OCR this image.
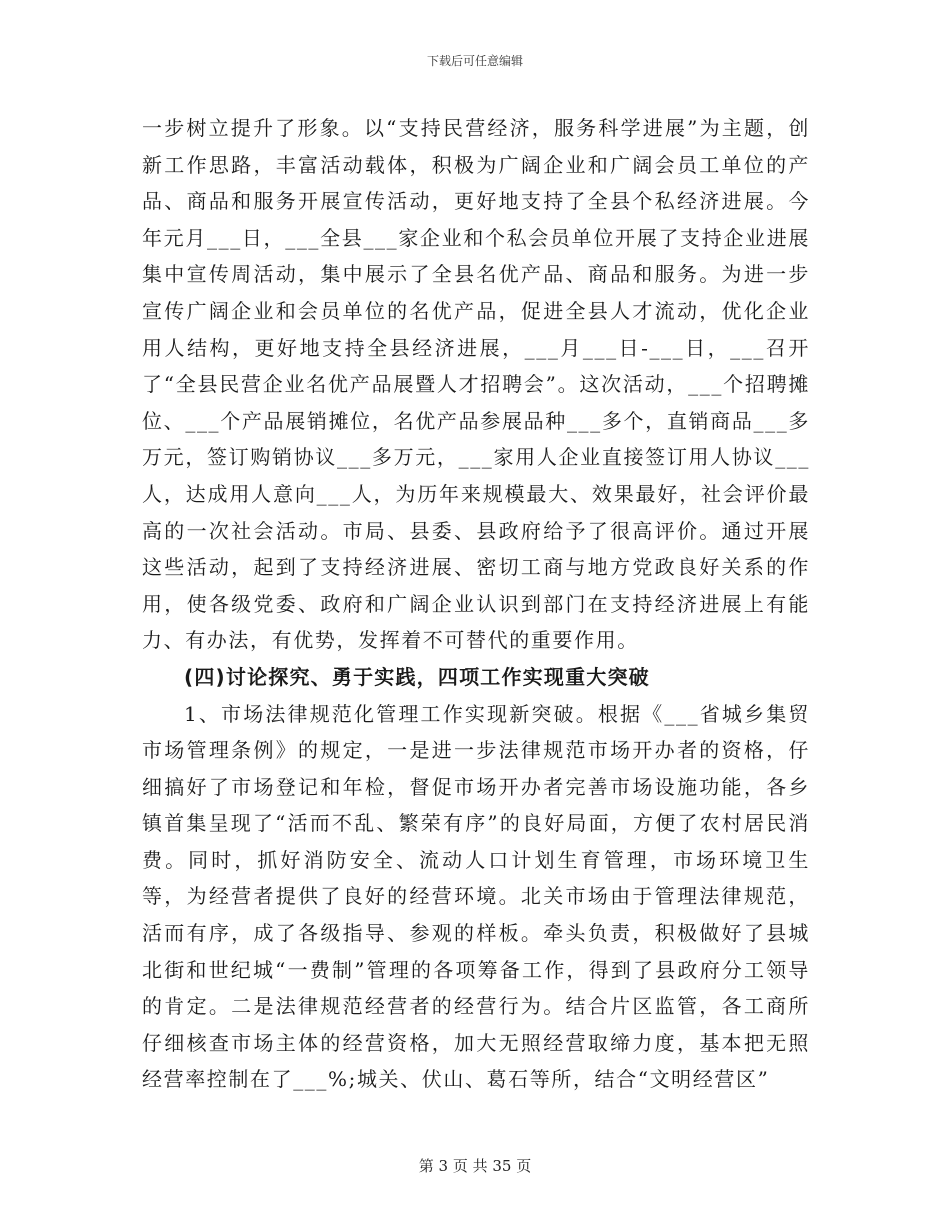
下载后可任意编辑

一步树立提升了形象。以“支持民营经济，服务科学进展”为主题，创新工作思路，丰富活动载体，积极为广阔企业和广阔会员工单位的产品、商品和服务开展宣传活动，更好地支持了全县个私经济进展。今年元月___日，___全县___家企业和个私会员单位开展了支持企业进展集中宣传周活动，集中展示了全县名优产品、商品和服务。为进一步宣传广阔企业和会员单位的名优产品，促进全县人才流动，优化企业用人结构，更好地支持全县经济进展，___月___日-___日，___召开了“全县民营企业名优产品展暨人才招聘会”。这次活动，___个招聘摊位、___个产品展销摊位，名优产品参展品种___多个，直销商品___多万元，签订购销协议___多万元，___家用人企业直接签订用人协议___人，达成用人意向___人，为历年来规模最大、效果最好，社会评价最高的一次社会活动。市局、县委、县政府给予了很高评价。通过开展这些活动，起到了支持经济进展、密切工商与地方党政良好关系的作用，使各级党委、政府和广阔企业认识到部门在支持经济进展上有能力、有办法，有优势，发挥着不可替代的重要作用。

(四)讨论探究、勇于实践，四项工作实现重大突破

1、市场法律规范化管理工作实现新突破。根据《___省城乡集贸市场管理条例》的规定，一是进一步法律规范市场开办者的资格，仔细搞好了市场登记和年检，督促市场开办者完善市场设施功能，各乡镇首集呈现了“活而不乱、繁荣有序”的良好局面，方便了农村居民消费。同时，抓好消防安全、流动人口计划生育管理，市场环境卫生等，为经营者提供了良好的经营环境。北关市场由于管理法律规范，活而有序，成了各级指导、参观的样板。牵头负责，积极做好了县城北街和世纪城“一费制”管理的各项筹备工作，得到了县政府分工领导的肯定。二是法律规范经营者的经营行为。结合片区监管，各工商所仔细核查市场主体的经营资格，加大无照经营取缔力度，基本把无照经营率控制在了___%;城关、伏山、葛石等所，结合“文明经营区”

第 3 页 共 35 页
